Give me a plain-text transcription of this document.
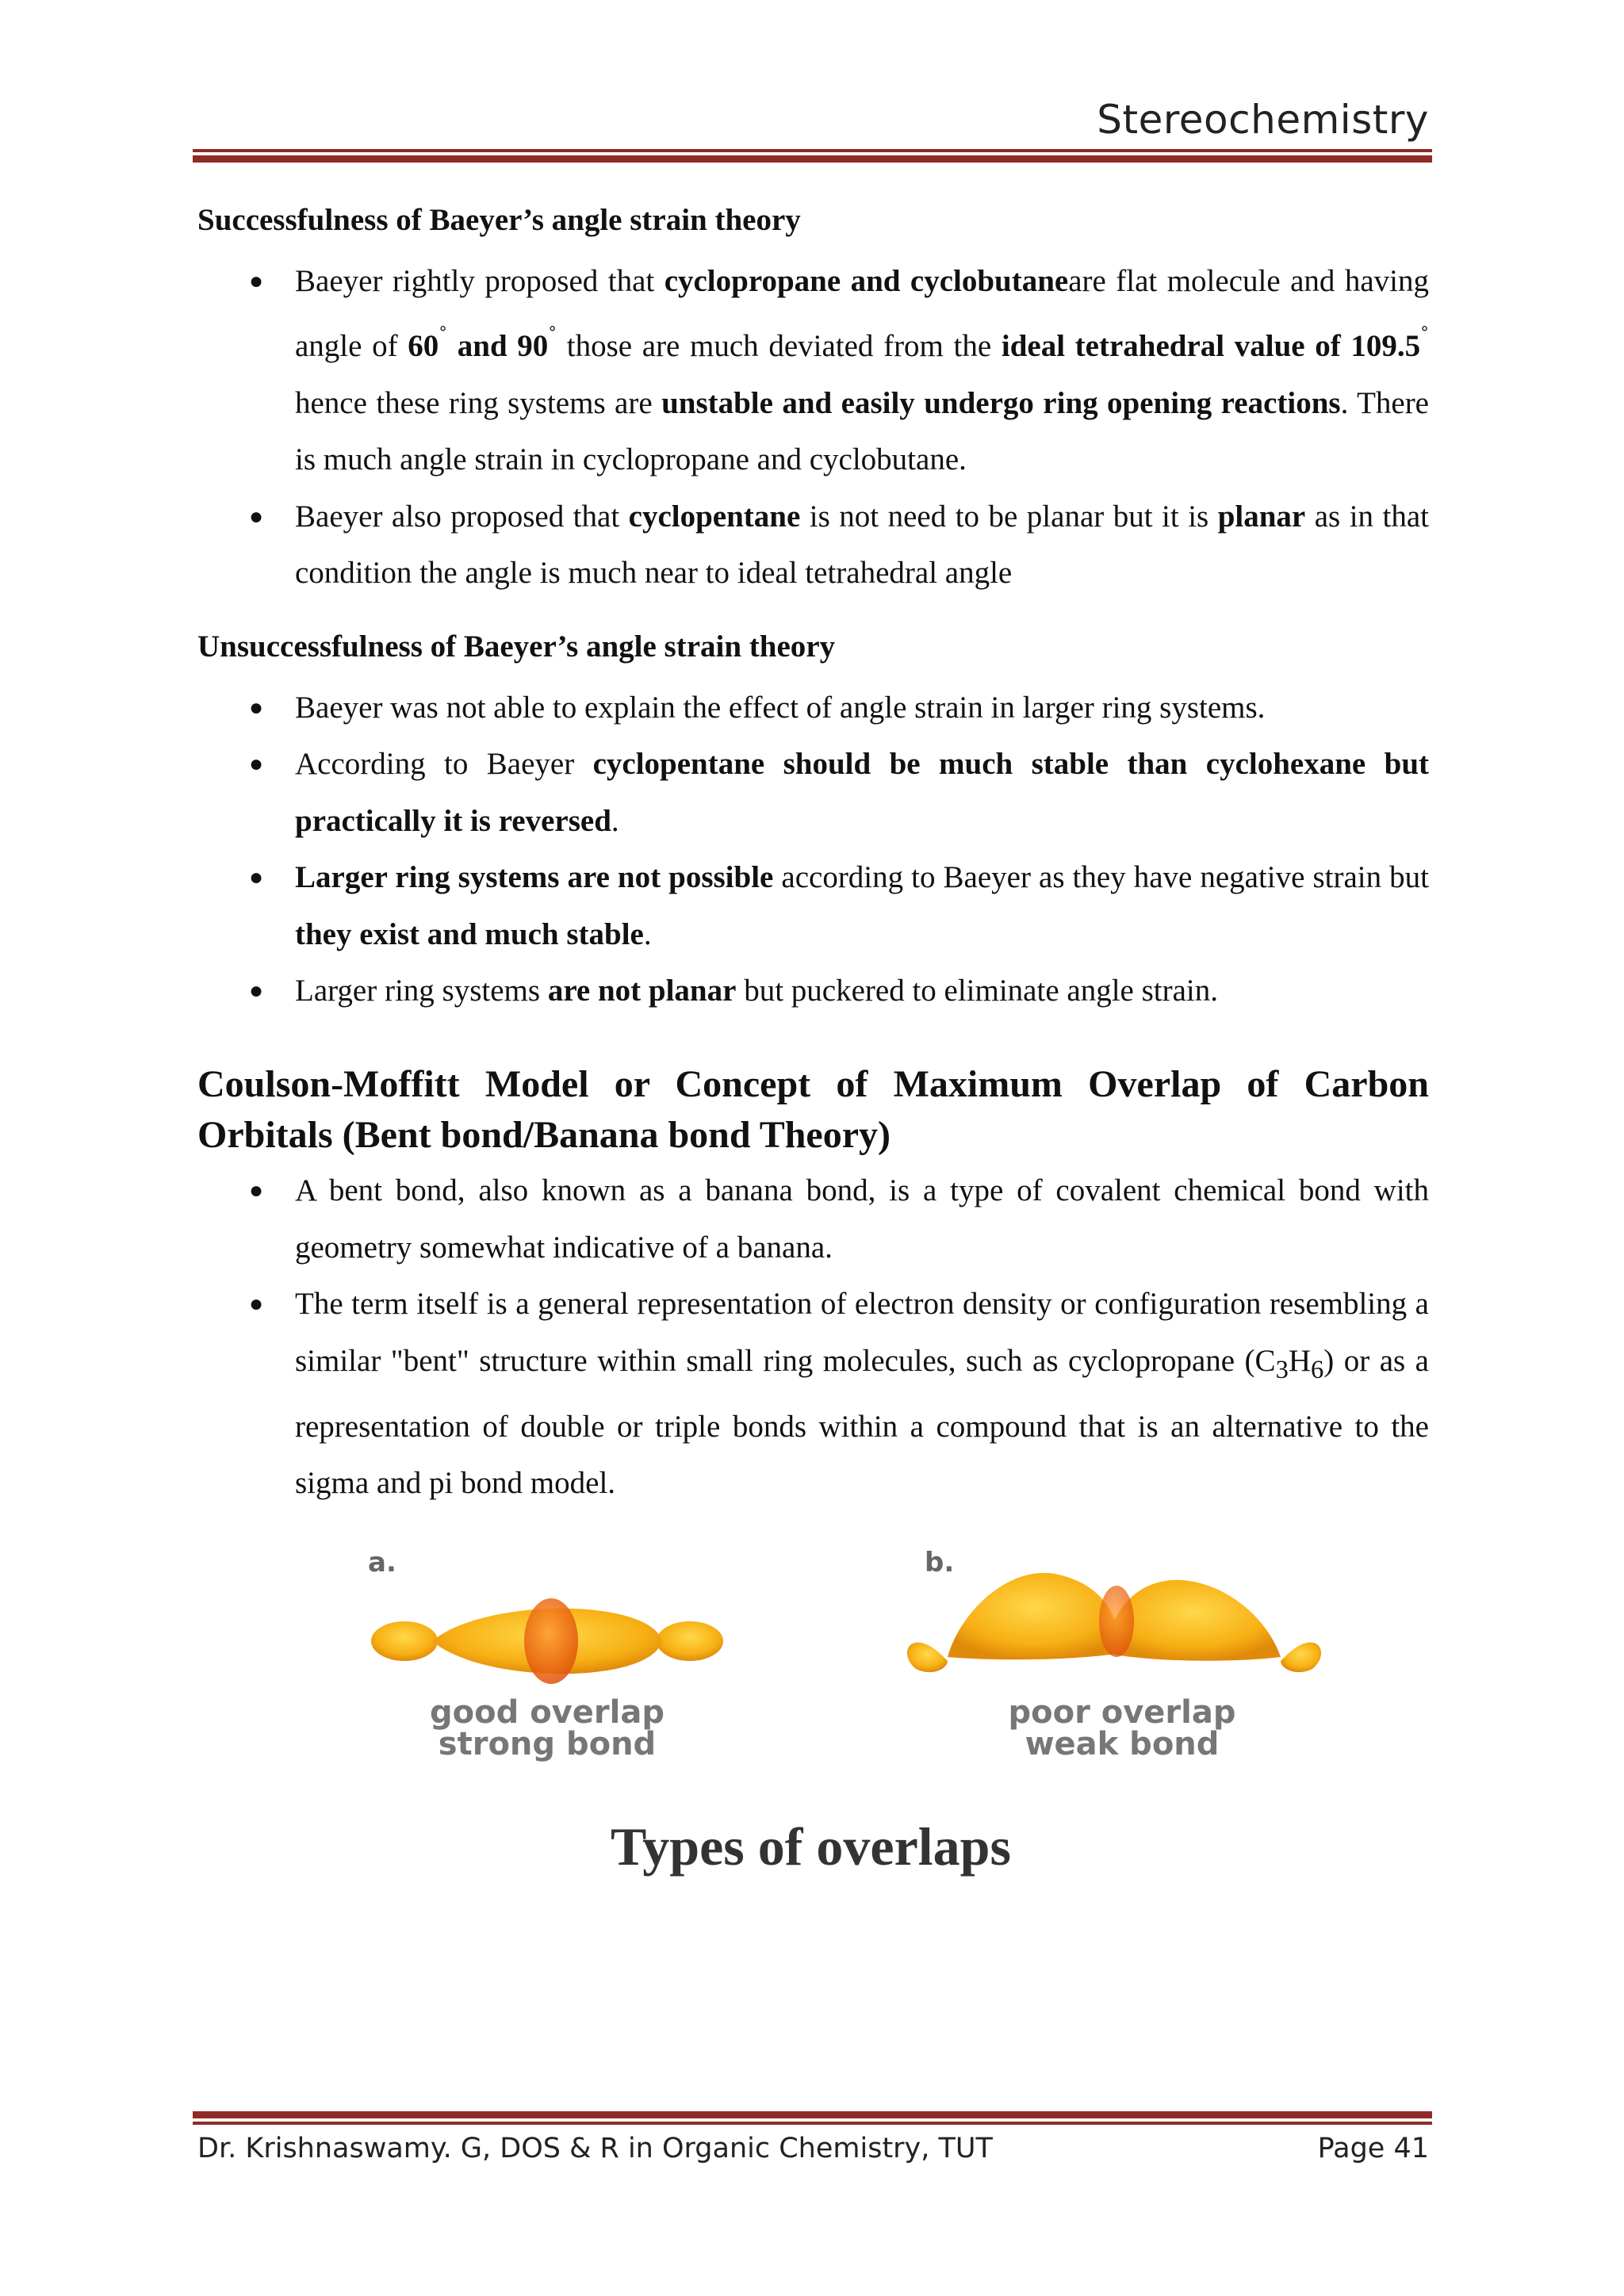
Stereochemistry
Successfulness of Baeyer’s angle strain theory
● Baeyer rightly proposed that cyclopropane and cyclobutaneare flat molecule and having angle of 60˚ and 90˚ those are much deviated from the ideal tetrahedral value of 109.5˚ hence these ring systems are unstable and easily undergo ring opening reactions. There is much angle strain in cyclopropane and cyclobutane.
● Baeyer also proposed that cyclopentane is not need to be planar but it is planar as in that condition the angle is much near to ideal tetrahedral angle
Unsuccessfulness of Baeyer’s angle strain theory
● Baeyer was not able to explain the effect of angle strain in larger ring systems.
● According to Baeyer cyclopentane should be much stable than cyclohexane but practically it is reversed.
● Larger ring systems are not possible according to Baeyer as they have negative strain but they exist and much stable.
● Larger ring systems are not planar but puckered to eliminate angle strain.
Coulson-Moffitt Model or Concept of Maximum Overlap of Carbon Orbitals (Bent bond/Banana bond Theory)
● A bent bond, also known as a banana bond, is a type of covalent chemical bond with geometry somewhat indicative of a banana.
● The term itself is a general representation of electron density or configuration resembling a similar "bent" structure within small ring molecules, such as cyclopropane $(C_3H_6)$ or as a representation of double or triple bonds within a compound that is an alternative to the sigma and pi bond model.
a.	b.
good overlap
strong bond
poor overlap
weak bond
Types of overlaps
Dr. Krishnaswamy. G, DOS & R in Organic Chemistry, TUT	Page 41
